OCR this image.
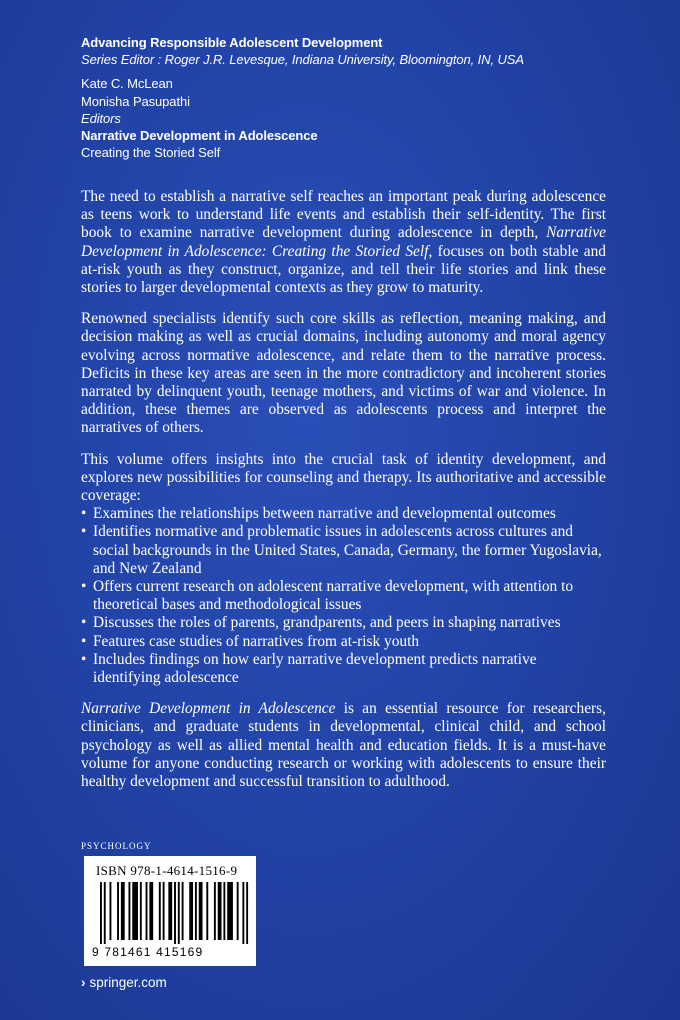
Advancing Responsible Adolescent Development
Series Editor : Roger J.R. Levesque, Indiana University, Bloomington, IN, USA
Kate C. McLean
Monisha Pasupathi
Editors
Narrative Development in Adolescence
Creating the Storied Self

The need to establish a narrative self reaches an important peak during adolescence as teens work to understand life events and establish their self-identity. The first book to examine narrative development during adolescence in depth, Narrative Development in Adolescence: Creating the Storied Self, focuses on both stable and at-risk youth as they construct, organize, and tell their life stories and link these stories to larger developmental contexts as they grow to maturity.

Renowned specialists identify such core skills as reflection, meaning making, and decision making as well as crucial domains, including autonomy and moral agency evolving across normative adolescence, and relate them to the narrative process. Deficits in these key areas are seen in the more contradictory and incoherent stories narrated by delinquent youth, teenage mothers, and victims of war and violence. In addition, these themes are observed as adolescents process and interpret the narratives of others.

This volume offers insights into the crucial task of identity development, and explores new possibilities for counseling and therapy. Its authoritative and accessible coverage:

• Examines the relationships between narrative and developmental outcomes
• Identifies normative and problematic issues in adolescents across cultures and social backgrounds in the United States, Canada, Germany, the former Yugoslavia, and New Zealand
• Offers current research on adolescent narrative development, with attention to theoretical bases and methodological issues
• Discusses the roles of parents, grandparents, and peers in shaping narratives
• Features case studies of narratives from at-risk youth
• Includes findings on how early narrative development predicts narrative identifying adolescence

Narrative Development in Adolescence is an essential resource for researchers, clinicians, and graduate students in developmental, clinical child, and school psychology as well as allied mental health and education fields. It is a must-have volume for anyone conducting research or working with adolescents to ensure their healthy development and successful transition to adulthood.

PSYCHOLOGY
ISBN 978-1-4614-1516-9
9 781461 415169
› springer.com
